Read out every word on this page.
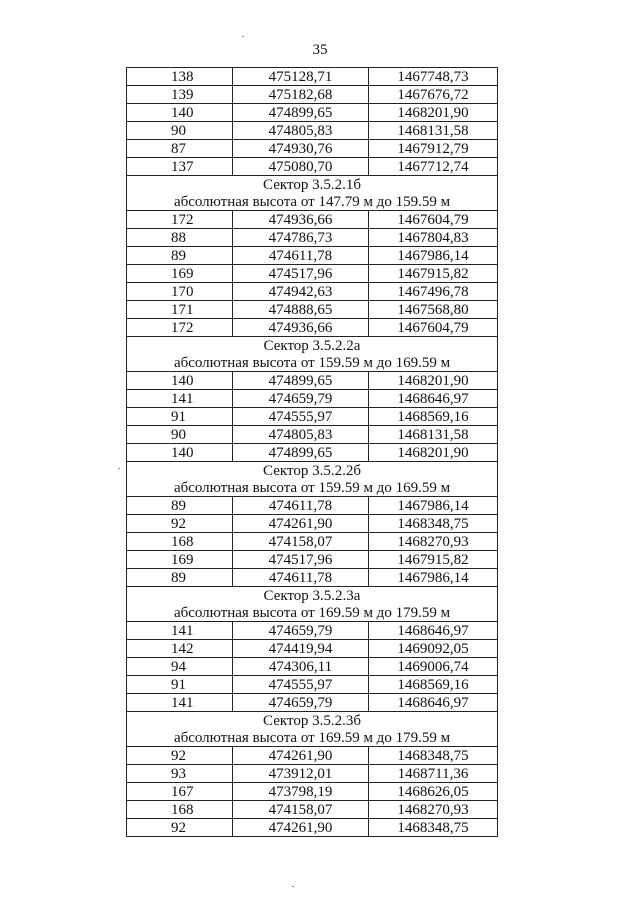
35
138	475128,71	1467748,73
139	475182,68	1467676,72
140	474899,65	1468201,90
90	474805,83	1468131,58
87	474930,76	1467912,79
137	475080,70	1467712,74
Сектор 3.5.2.1б		
абсолютная высота от 147.79 м до 159.59 м		
172	474936,66	1467604,79
88	474786,73	1467804,83
89	474611,78	1467986,14
169	474517,96	1467915,82
170	474942,63	1467496,78
171	474888,65	1467568,80
172	474936,66	1467604,79
Сектор 3.5.2.2а		
абсолютная высота от 159.59 м до 169.59 м		
140	474899,65	1468201,90
141	474659,79	1468646,97
91	474555,97	1468569,16
90	474805,83	1468131,58
140	474899,65	1468201,90
Сектор 3.5.2.2б		
абсолютная высота от 159.59 м до 169.59 м		
89	474611,78	1467986,14
92	474261,90	1468348,75
168	474158,07	1468270,93
169	474517,96	1467915,82
89	474611,78	1467986,14
Сектор 3.5.2.3а		
абсолютная высота от 169.59 м до 179.59 м		
141	474659,79	1468646,97
142	474419,94	1469092,05
94	474306,11	1469006,74
91	474555,97	1468569,16
141	474659,79	1468646,97
Сектор 3.5.2.3б		
абсолютная высота от 169.59 м до 179.59 м		
92	474261,90	1468348,75
93	473912,01	1468711,36
167	473798,19	1468626,05
168	474158,07	1468270,93
92	474261,90	1468348,75
